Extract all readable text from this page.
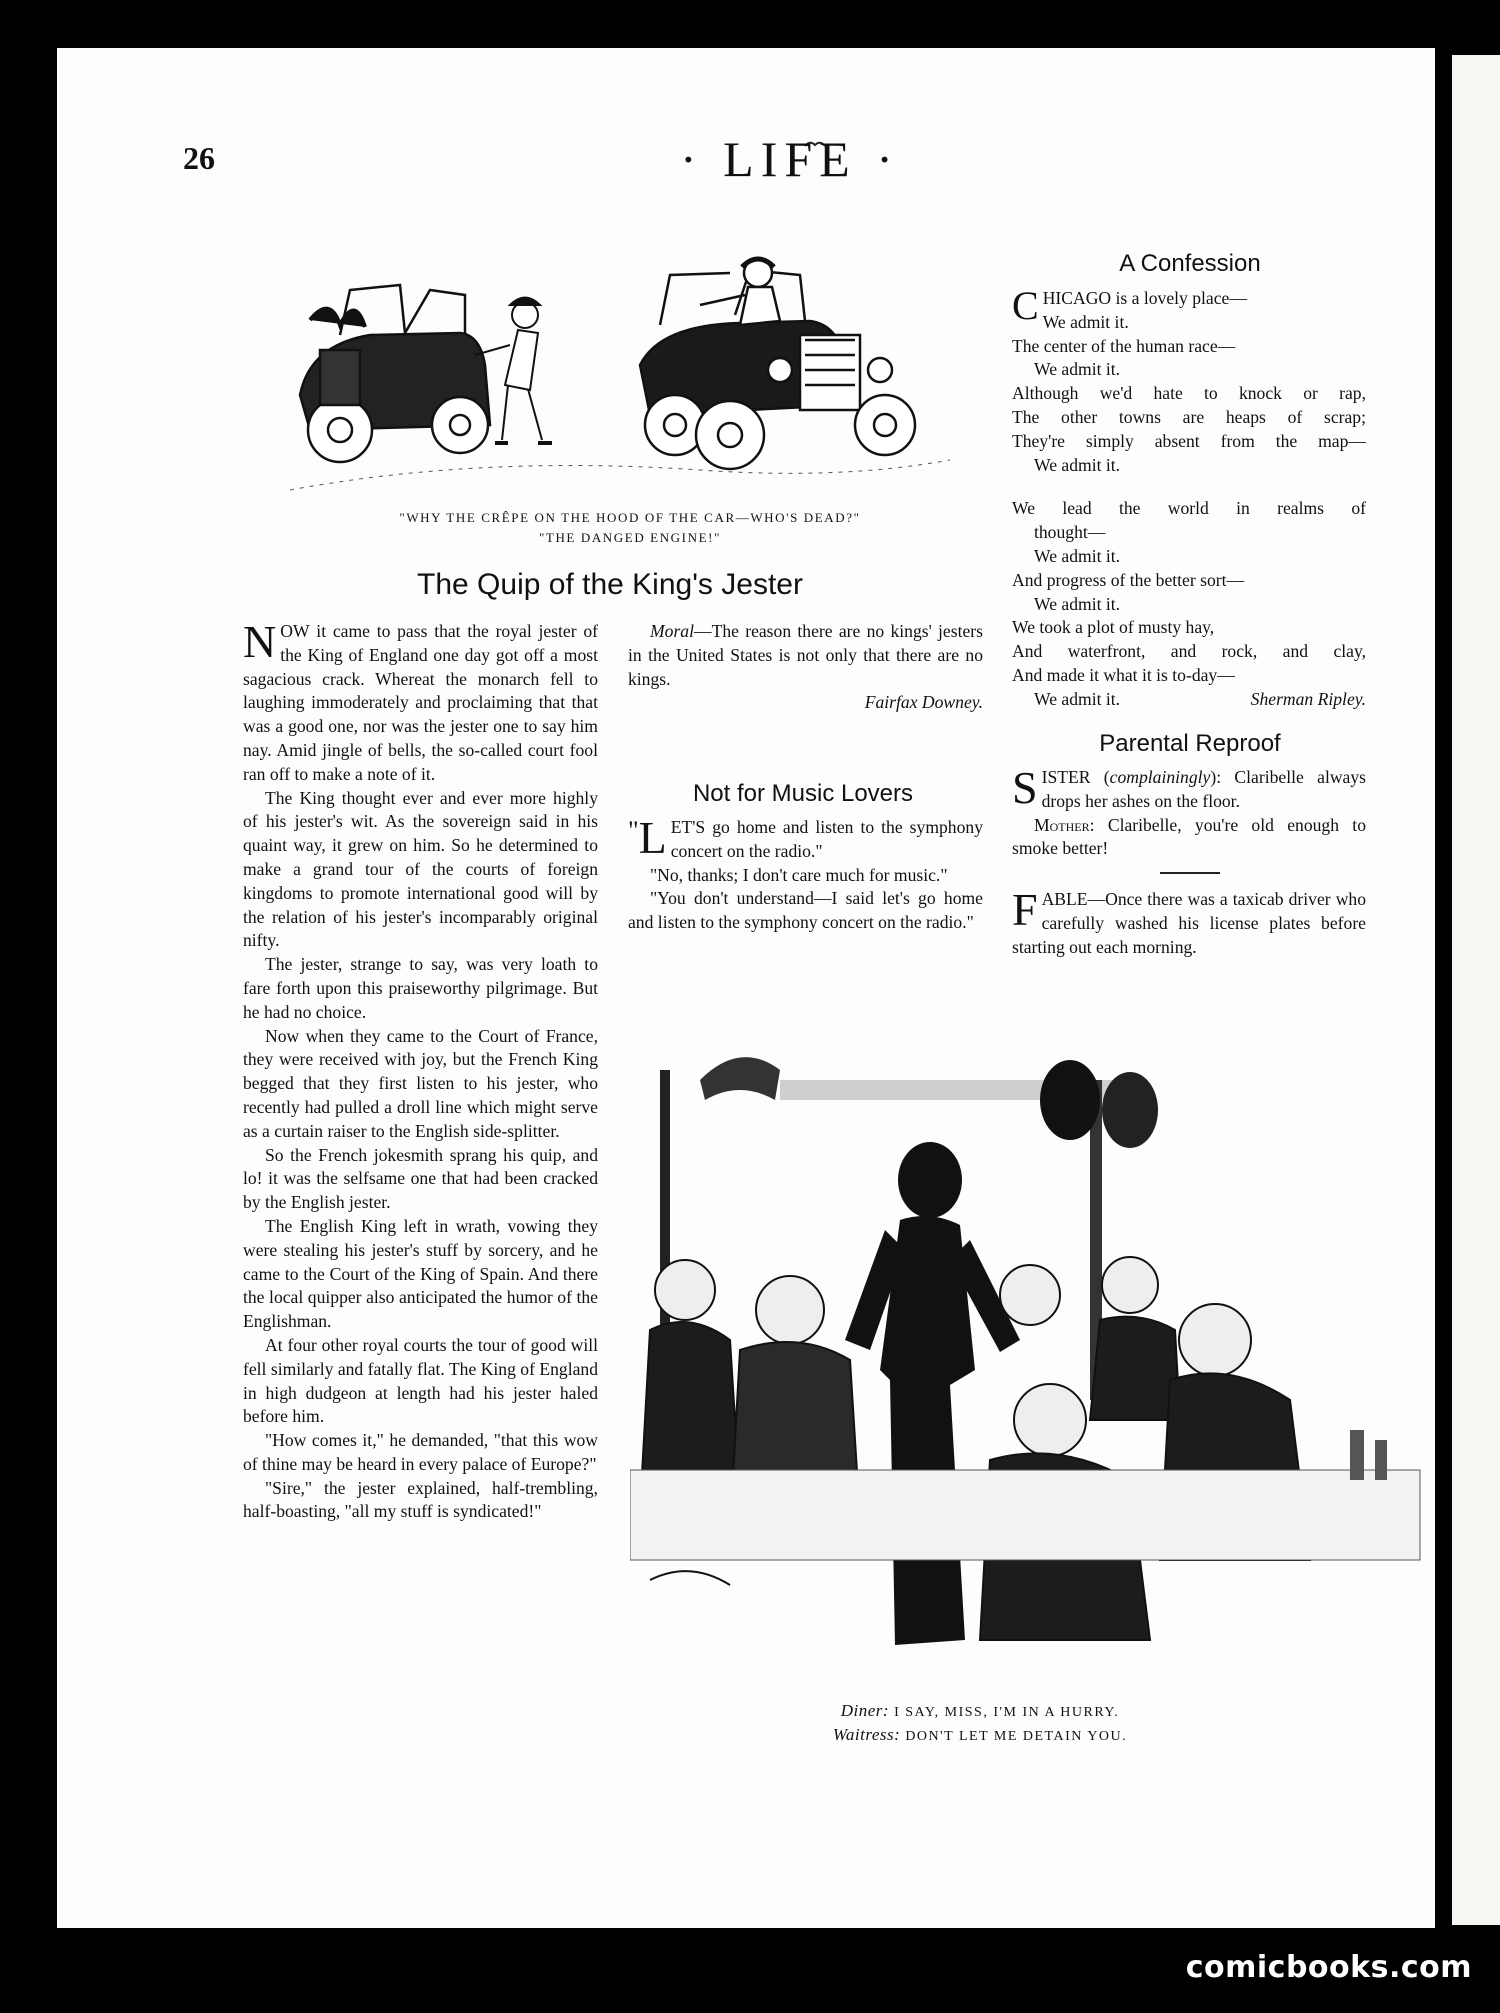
26	· LIFE ·
"WHY THE CRÊPE ON THE HOOD OF THE CAR—WHO'S DEAD?"
"THE DANGED ENGINE!"
The Quip of the King's Jester

NOW it came to pass that the royal jester of the King of England one day got off a most sagacious crack. Whereat the monarch fell to laughing immoderately and proclaiming that that was a good one, nor was the jester one to say him nay. Amid jingle of bells, the so-called court fool ran off to make a note of it.

The King thought ever and ever more highly of his jester's wit. As the sovereign said in his quaint way, it grew on him. So he determined to make a grand tour of the courts of foreign kingdoms to promote international good will by the relation of his jester's incomparably original nifty.

The jester, strange to say, was very loath to fare forth upon this praiseworthy pilgrimage. But he had no choice.

Now when they came to the Court of France, they were received with joy, but the French King begged that they first listen to his jester, who recently had pulled a droll line which might serve as a curtain raiser to the English side-splitter.

So the French jokesmith sprang his quip, and lo! it was the selfsame one that had been cracked by the English jester.

The English King left in wrath, vowing they were stealing his jester's stuff by sorcery, and he came to the Court of the King of Spain. And there the local quipper also anticipated the humor of the Englishman.

At four other royal courts the tour of good will fell similarly and fatally flat. The King of England in high dudgeon at length had his jester haled before him.

"How comes it," he demanded, "that this wow of thine may be heard in every palace of Europe?"

"Sire," the jester explained, half-trembling, half-boasting, "all my stuff is syndicated!"

Moral—The reason there are no kings' jesters in the United States is not only that there are no kings.

Fairfax Downey.
Not for Music Lovers

" L ET'S go home and listen to the symphony concert on the radio."

"No, thanks; I don't care much for music."

"You don't understand—I said let's go home and listen to the symphony concert on the radio."

A Confession
CHICAGO is a lovely place—
We admit it.
The center of the human race—
We admit it.
Although we'd hate to knock or rap,
The other towns are heaps of scrap;
They're simply absent from the map—
We admit it.
We lead the world in realms of
thought—
We admit it.
And progress of the better sort—
We admit it.
We took a plot of musty hay,
And waterfront, and rock, and clay,
And made it what it is to-day—
We admit it.	Sherman Ripley.
Parental Reproof

SISTER (complainingly): Claribelle always drops her ashes on the floor.

Mother: Claribelle, you're old enough to smoke better!

FABLE—Once there was a taxicab driver who carefully washed his license plates before starting out each morning.

Diner: I SAY, MISS, I'M IN A HURRY.
Waitress: DON'T LET ME DETAIN YOU.
comicbooks.com
